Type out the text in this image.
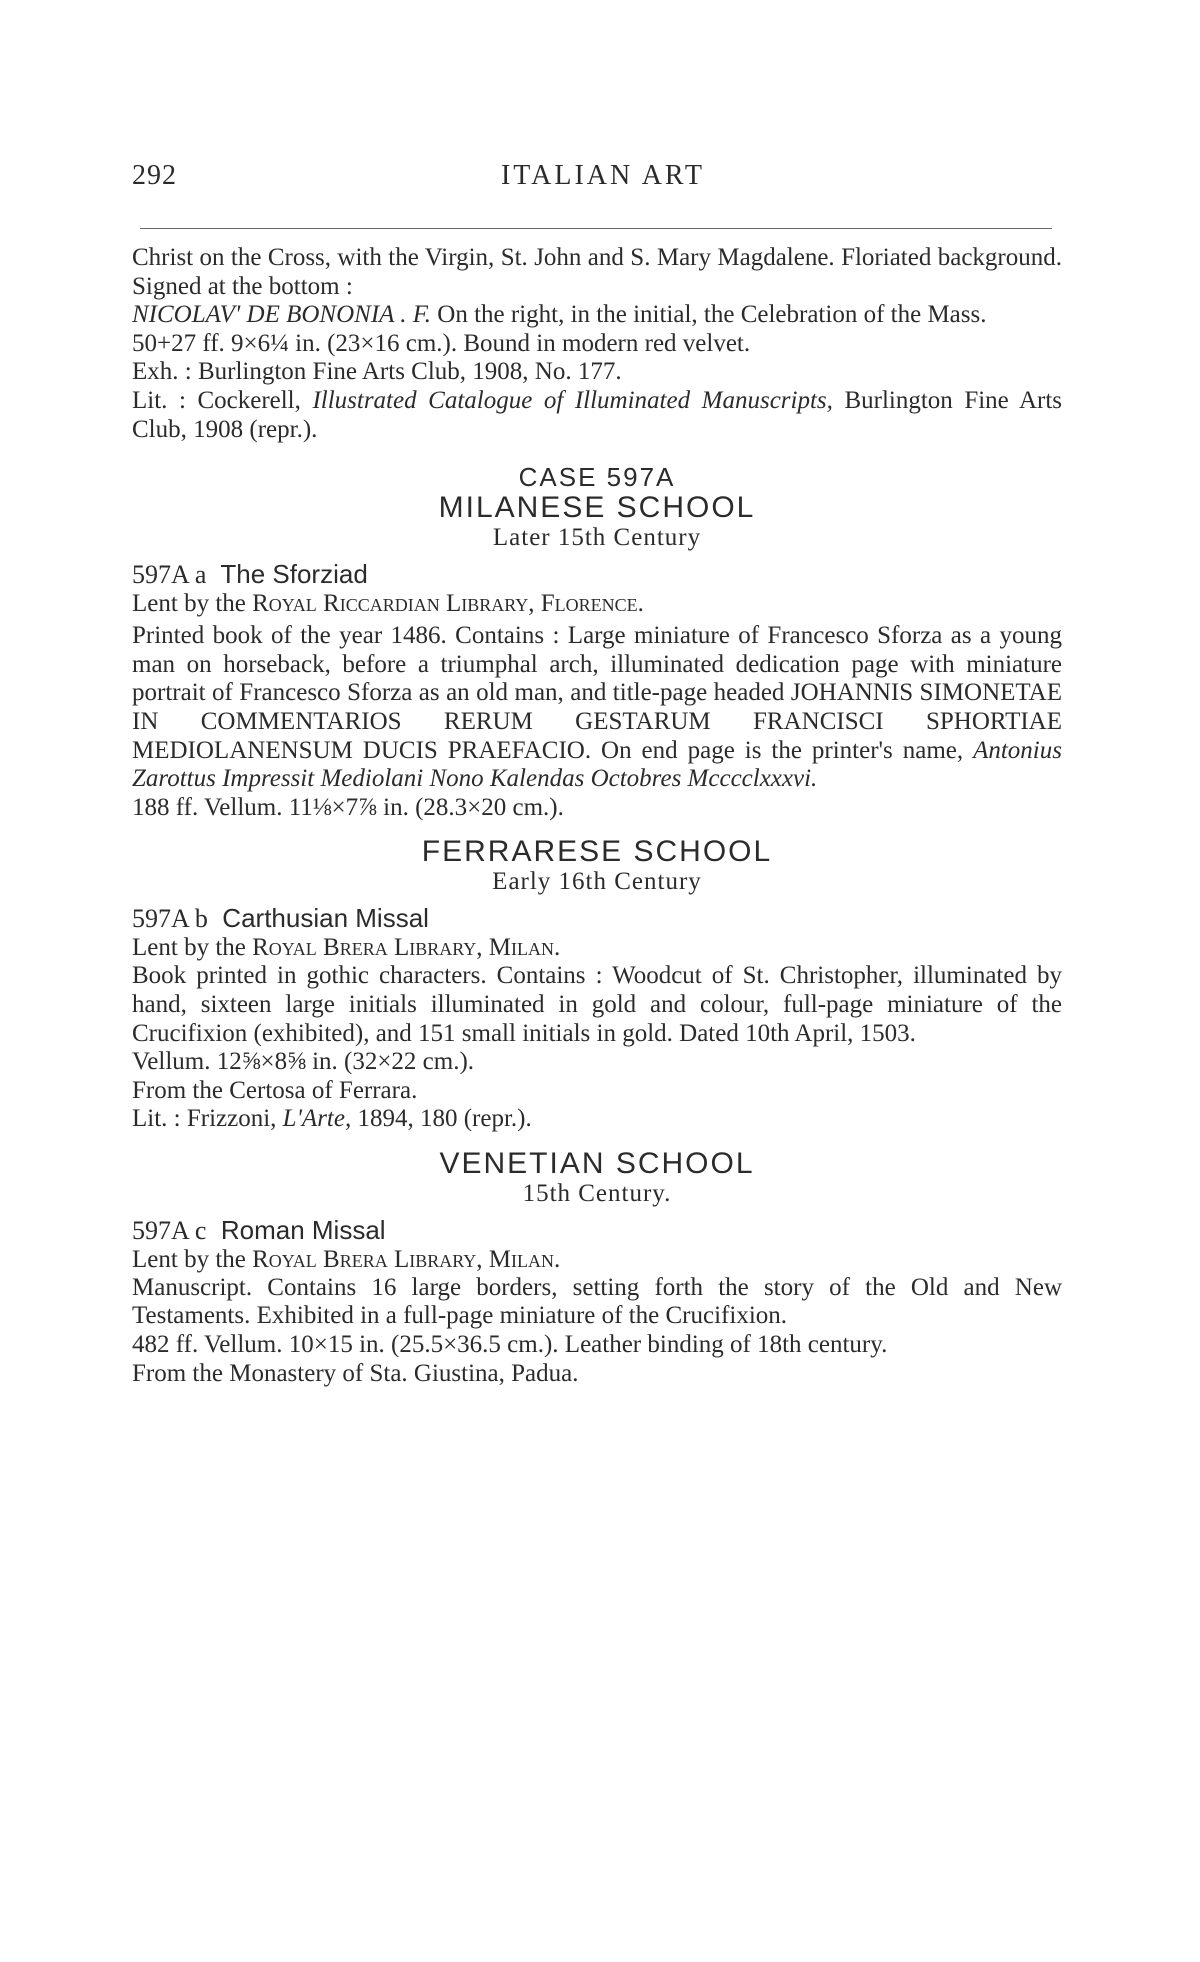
292	ITALIAN ART

Christ on the Cross, with the Virgin, St. John and S. Mary Magdalene. Floriated background. Signed at the bottom :
NICOLAV' DE BONONIA . F. On the right, in the initial, the Celebration of the Mass.

50+27 ff. 9×6¼ in. (23×16 cm.). Bound in modern red velvet.

Exh. : Burlington Fine Arts Club, 1908, No. 177.

Lit. : Cockerell, Illustrated Catalogue of Illuminated Manuscripts, Burlington Fine Arts Club, 1908 (repr.).

CASE 597A
MILANESE SCHOOL
Later 15th Century
597A a The Sforziad

Lent by the Royal Riccardian Library, Florence.

Printed book of the year 1486. Contains : Large miniature of Francesco Sforza as a young man on horseback, before a triumphal arch, illuminated dedication page with miniature portrait of Francesco Sforza as an old man, and title-page headed JOHANNIS SIMONETAE IN COMMENTARIOS RERUM GESTARUM FRANCISCI SPHORTIAE MEDIOLANENSUM DUCIS PRAEFACIO. On end page is the printer's name, Antonius Zarottus Impressit Mediolani Nono Kalendas Octobres Mcccclxxxvi.

188 ff. Vellum. 11⅛×7⅞ in. (28.3×20 cm.).

FERRARESE SCHOOL
Early 16th Century
597A b Carthusian Missal

Lent by the Royal Brera Library, Milan.

Book printed in gothic characters. Contains : Woodcut of St. Christopher, illuminated by hand, sixteen large initials illuminated in gold and colour, full-page miniature of the Crucifixion (exhibited), and 151 small initials in gold. Dated 10th April, 1503.

Vellum. 12⅝×8⅝ in. (32×22 cm.).

From the Certosa of Ferrara.

Lit. : Frizzoni, L'Arte, 1894, 180 (repr.).

VENETIAN SCHOOL
15th Century.
597A c Roman Missal

Lent by the Royal Brera Library, Milan.

Manuscript. Contains 16 large borders, setting forth the story of the Old and New Testaments. Exhibited in a full-page miniature of the Crucifixion.

482 ff. Vellum. 10×15 in. (25.5×36.5 cm.). Leather binding of 18th century.

From the Monastery of Sta. Giustina, Padua.
